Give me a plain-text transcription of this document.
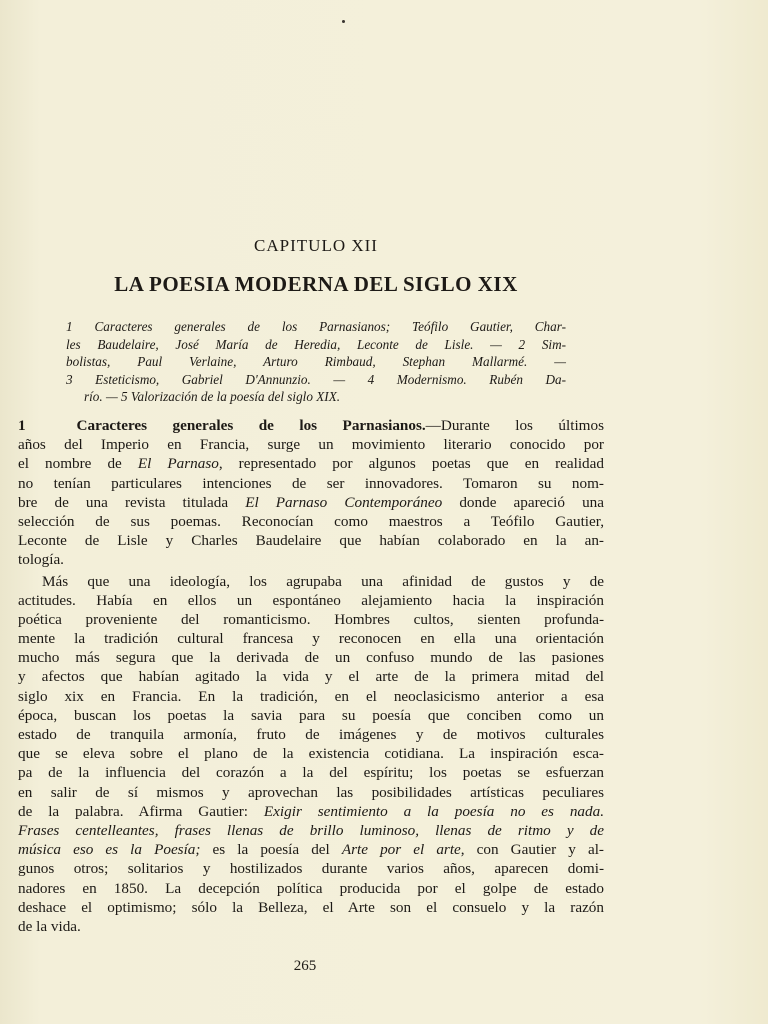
CAPITULO XII
LA POESIA MODERNA DEL SIGLO XIX
1 Caracteres generales de los Parnasianos; Teófilo Gautier, Char-
les Baudelaire, José María de Heredia, Leconte de Lisle. — 2 Sim-
bolistas, Paul Verlaine, Arturo Rimbaud, Stephan Mallarmé. —
3 Esteticismo, Gabriel D'Annunzio. — 4 Modernismo. Rubén Da-
río. — 5 Valorización de la poesía del siglo XIX.
1	Caracteres generales de los Parnasianos.—Durante los últimos
años del Imperio en Francia, surge un movimiento literario conocido por
el nombre de El Parnaso, representado por algunos poetas que en realidad
no tenían particulares intenciones de ser innovadores. Tomaron su nom-
bre de una revista titulada El Parnaso Contemporáneo donde apareció una
selección de sus poemas. Reconocían como maestros a Teófilo Gautier,
Leconte de Lisle y Charles Baudelaire que habían colaborado en la an-
tología.
Más que una ideología, los agrupaba una afinidad de gustos y de
actitudes. Había en ellos un espontáneo alejamiento hacia la inspiración
poética proveniente del romanticismo. Hombres cultos, sienten profunda-
mente la tradición cultural francesa y reconocen en ella una orientación
mucho más segura que la derivada de un confuso mundo de las pasiones
y afectos que habían agitado la vida y el arte de la primera mitad del
siglo xix en Francia. En la tradición, en el neoclasicismo anterior a esa
época, buscan los poetas la savia para su poesía que conciben como un
estado de tranquila armonía, fruto de imágenes y de motivos culturales
que se eleva sobre el plano de la existencia cotidiana. La inspiración esca-
pa de la influencia del corazón a la del espíritu; los poetas se esfuerzan
en salir de sí mismos y aprovechan las posibilidades artísticas peculiares
de la palabra. Afirma Gautier: Exigir sentimiento a la poesía no es nada.
Frases centelleantes, frases llenas de brillo luminoso, llenas de ritmo y de
música eso es la Poesía; es la poesía del Arte por el arte, con Gautier y al-
gunos otros; solitarios y hostilizados durante varios años, aparecen domi-
nadores en 1850. La decepción política producida por el golpe de estado
deshace el optimismo; sólo la Belleza, el Arte son el consuelo y la razón
de la vida.
265
